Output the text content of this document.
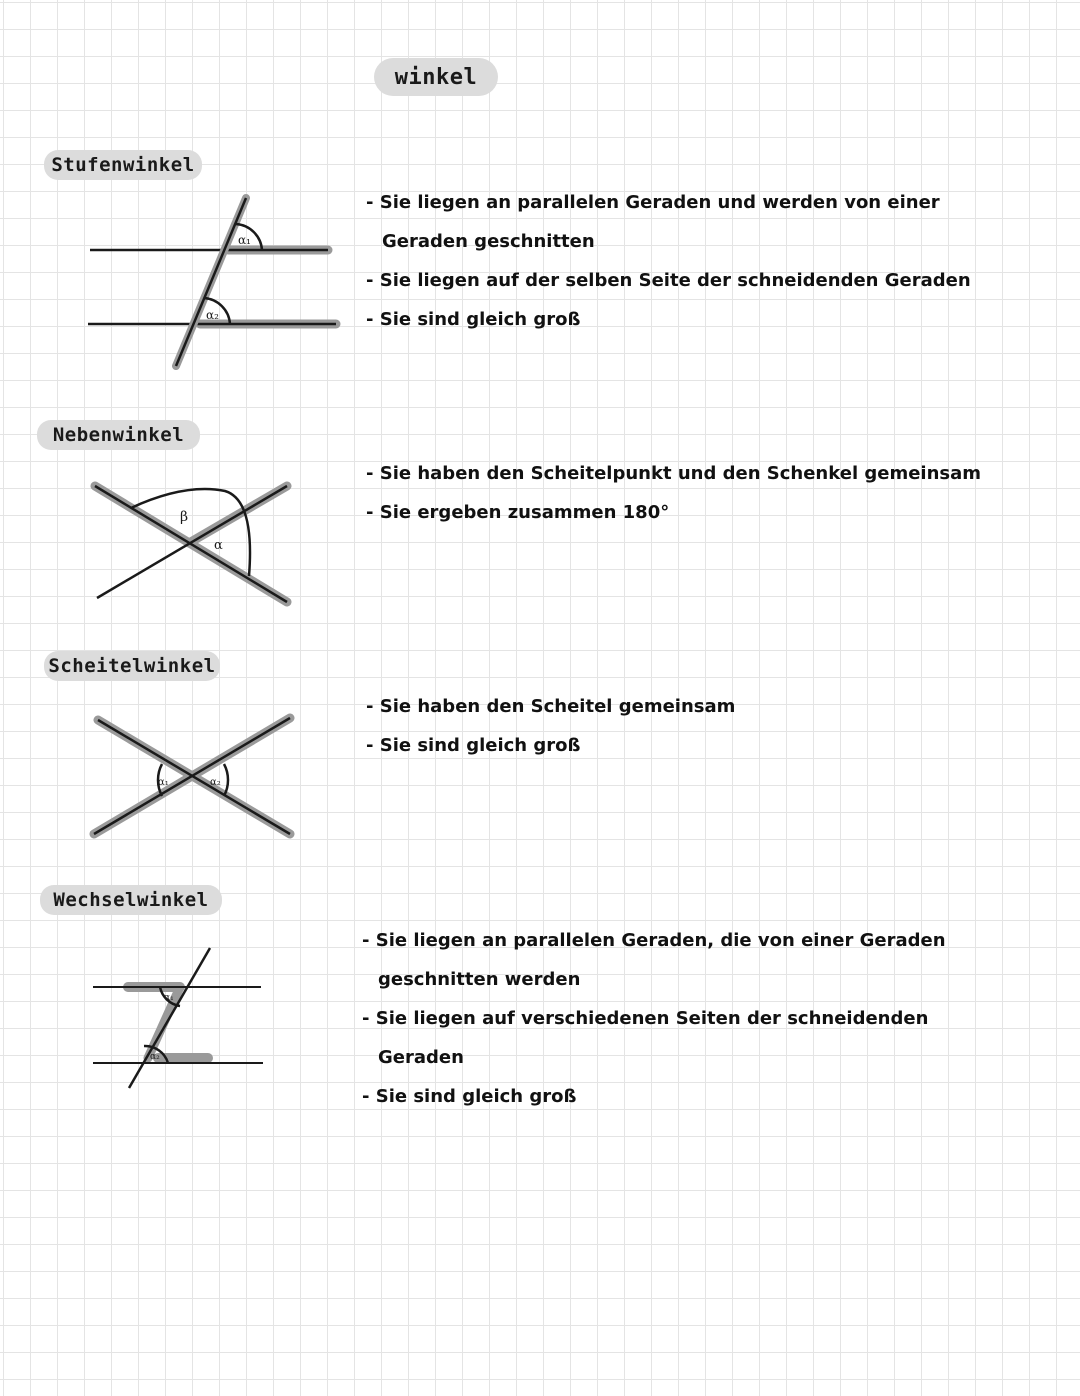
winkel
Stufenwinkel
α₁
α₂
- Sie liegen an parallelen Geraden und werden von einer
Geraden geschnitten
- Sie liegen auf der selben Seite der schneidenden Geraden
- Sie sind gleich groß
Nebenwinkel
β
α
- Sie haben den Scheitelpunkt und den Schenkel gemeinsam
- Sie ergeben zusammen 180°
Scheitelwinkel
α₁	α₂
- Sie haben den Scheitel gemeinsam
- Sie sind gleich groß
Wechselwinkel
α₁
α₂
- Sie liegen an parallelen Geraden, die von einer Geraden
geschnitten werden
- Sie liegen auf verschiedenen Seiten der schneidenden
Geraden
- Sie sind gleich groß
